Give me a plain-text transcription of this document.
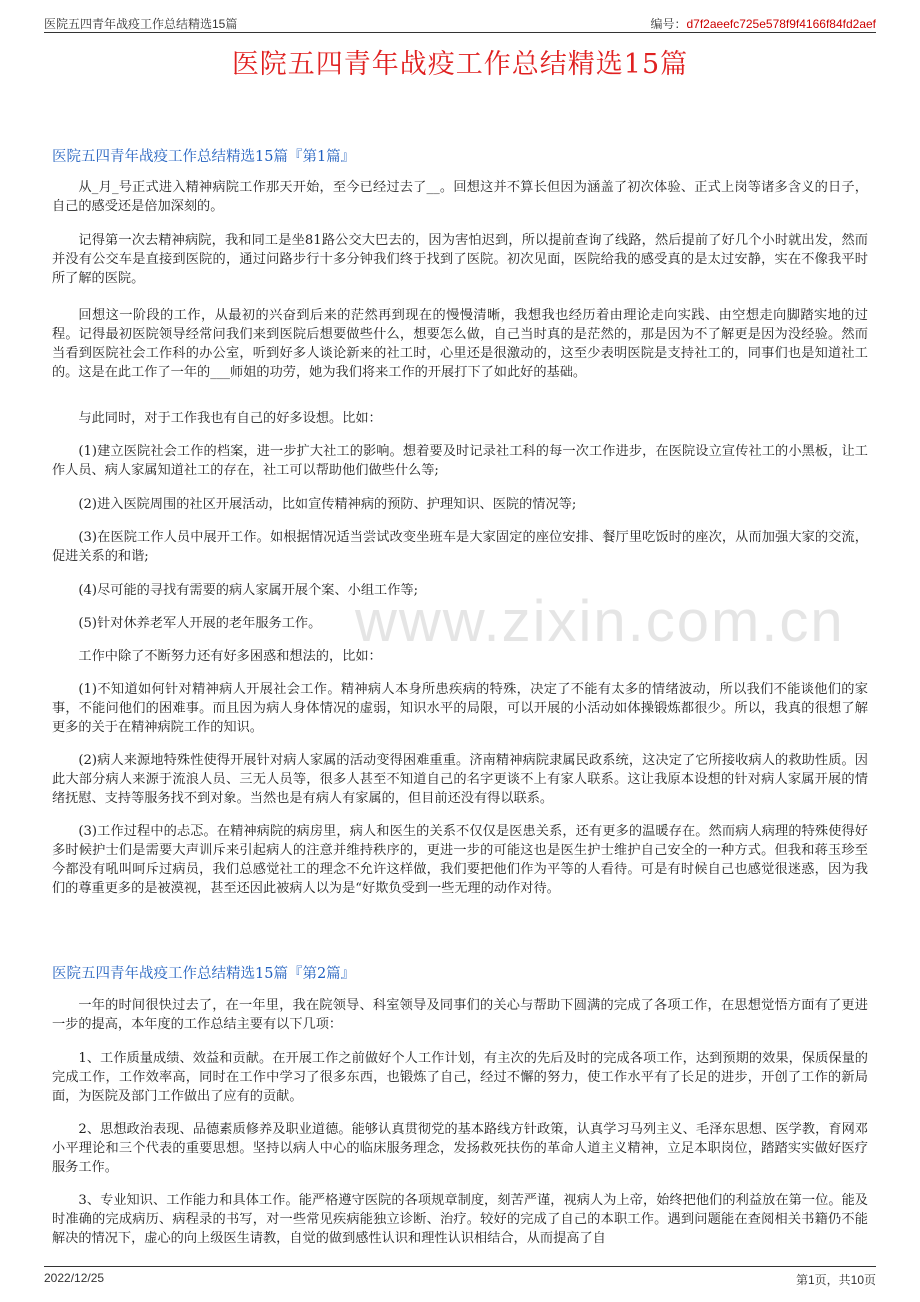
医院五四青年战疫工作总结精选15篇	编号：d7f2aeefc725e578f9f4166f84fd2aef
医院五四青年战疫工作总结精选15篇
www.zixin.com.cn
医院五四青年战疫工作总结精选15篇『第1篇』

从_月_号正式进入精神病院工作那天开始，至今已经过去了__。回想这并不算长但因为涵盖了初次体验、正式上岗等诸多含义的日子，自己的感受还是倍加深刻的。

记得第一次去精神病院，我和同工是坐81路公交大巴去的，因为害怕迟到，所以提前查询了线路，然后提前了好几个小时就出发，然而并没有公交车是直接到医院的，通过问路步行十多分钟我们终于找到了医院。初次见面，医院给我的感受真的是太过安静，实在不像我平时所了解的医院。

回想这一阶段的工作，从最初的兴奋到后来的茫然再到现在的慢慢清晰，我想我也经历着由理论走向实践、由空想走向脚踏实地的过程。记得最初医院领导经常问我们来到医院后想要做些什么，想要怎么做，自己当时真的是茫然的，那是因为不了解更是因为没经验。然而当看到医院社会工作科的办公室，听到好多人谈论新来的社工时，心里还是很激动的，这至少表明医院是支持社工的，同事们也是知道社工的。这是在此工作了一年的___师姐的功劳，她为我们将来工作的开展打下了如此好的基础。

与此同时，对于工作我也有自己的好多设想。比如：

(1)建立医院社会工作的档案，进一步扩大社工的影响。想着要及时记录社工科的每一次工作进步，在医院设立宣传社工的小黑板，让工作人员、病人家属知道社工的存在，社工可以帮助他们做些什么等;

(2)进入医院周围的社区开展活动，比如宣传精神病的预防、护理知识、医院的情况等;

(3)在医院工作人员中展开工作。如根据情况适当尝试改变坐班车是大家固定的座位安排、餐厅里吃饭时的座次，从而加强大家的交流，促进关系的和谐;

(4)尽可能的寻找有需要的病人家属开展个案、小组工作等;

(5)针对休养老军人开展的老年服务工作。

工作中除了不断努力还有好多困惑和想法的，比如：

(1)不知道如何针对精神病人开展社会工作。精神病人本身所患疾病的特殊，决定了不能有太多的情绪波动，所以我们不能谈他们的家事，不能问他们的困难事。而且因为病人身体情况的虚弱，知识水平的局限，可以开展的小活动如体操锻炼都很少。所以，我真的很想了解更多的关于在精神病院工作的知识。

(2)病人来源地特殊性使得开展针对病人家属的活动变得困难重重。济南精神病院隶属民政系统，这决定了它所接收病人的救助性质。因此大部分病人来源于流浪人员、三无人员等，很多人甚至不知道自己的名字更谈不上有家人联系。这让我原本设想的针对病人家属开展的情绪抚慰、支持等服务找不到对象。当然也是有病人有家属的，但目前还没有得以联系。

(3)工作过程中的忐忑。在精神病院的病房里，病人和医生的关系不仅仅是医患关系，还有更多的温暖存在。然而病人病理的特殊使得好多时候护士们是需要大声训斥来引起病人的注意并维持秩序的，更进一步的可能这也是医生护士维护自己安全的一种方式。但我和蒋玉珍至今都没有吼叫呵斥过病员，我们总感觉社工的理念不允许这样做，我们要把他们作为平等的人看待。可是有时候自己也感觉很迷惑，因为我们的尊重更多的是被漠视，甚至还因此被病人以为是“好欺负受到一些无理的动作对待。

医院五四青年战疫工作总结精选15篇『第2篇』

一年的时间很快过去了，在一年里，我在院领导、科室领导及同事们的关心与帮助下圆满的完成了各项工作，在思想觉悟方面有了更进一步的提高，本年度的工作总结主要有以下几项：

1、工作质量成绩、效益和贡献。在开展工作之前做好个人工作计划，有主次的先后及时的完成各项工作，达到预期的效果，保质保量的完成工作，工作效率高，同时在工作中学习了很多东西，也锻炼了自己，经过不懈的努力，使工作水平有了长足的进步，开创了工作的新局面，为医院及部门工作做出了应有的贡献。

2、思想政治表现、品德素质修养及职业道德。能够认真贯彻党的基本路线方针政策，认真学习马列主义、毛泽东思想、医学教，育网邓小平理论和三个代表的重要思想。坚持以病人中心的临床服务理念，发扬救死扶伤的革命人道主义精神，立足本职岗位，踏踏实实做好医疗服务工作。

3、专业知识、工作能力和具体工作。能严格遵守医院的各项规章制度，刻苦严谨，视病人为上帝，始终把他们的利益放在第一位。能及时准确的完成病历、病程录的书写，对一些常见疾病能独立诊断、治疗。较好的完成了自己的本职工作。遇到问题能在查阅相关书籍仍不能解决的情况下，虚心的向上级医生请教，自觉的做到感性认识和理性认识相结合，从而提高了自

2022/12/25	第1页，共10页
